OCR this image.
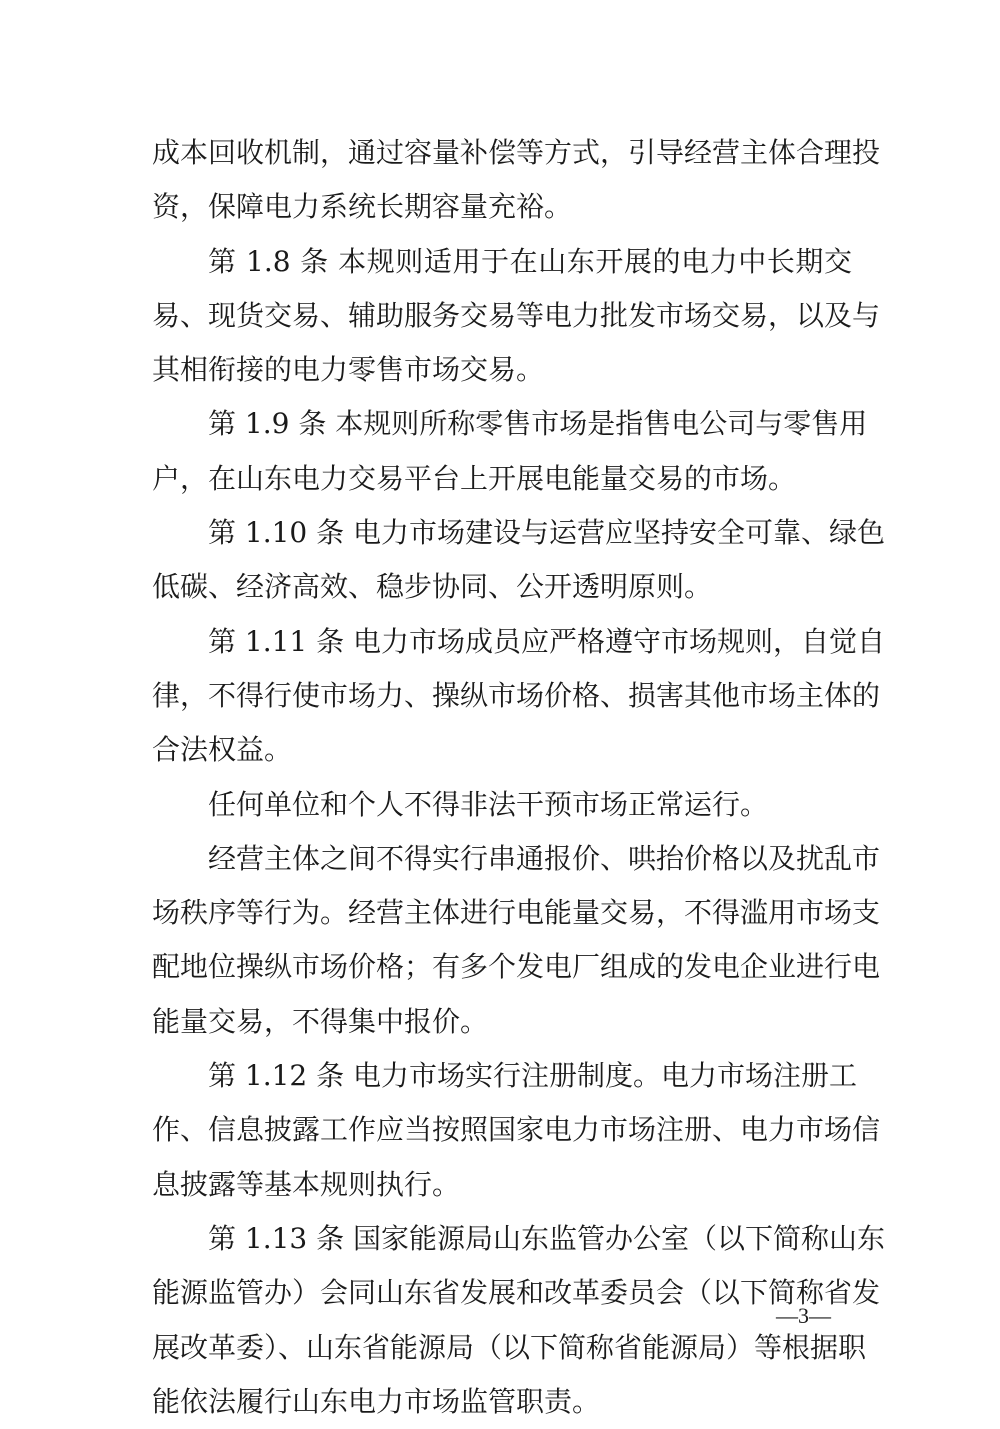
成本回收机制，通过容量补偿等方式，引导经营主体合理投
资，保障电力系统长期容量充裕。
第 1.8 条 本规则适用于在山东开展的电力中长期交
易、现货交易、辅助服务交易等电力批发市场交易，以及与
其相衔接的电力零售市场交易。
第 1.9 条 本规则所称零售市场是指售电公司与零售用
户，在山东电力交易平台上开展电能量交易的市场。
第 1.10 条 电力市场建设与运营应坚持安全可靠、绿色
低碳、经济高效、稳步协同、公开透明原则。
第 1.11 条 电力市场成员应严格遵守市场规则，自觉自
律，不得行使市场力、操纵市场价格、损害其他市场主体的
合法权益。
任何单位和个人不得非法干预市场正常运行。
经营主体之间不得实行串通报价、哄抬价格以及扰乱市
场秩序等行为。经营主体进行电能量交易，不得滥用市场支
配地位操纵市场价格；有多个发电厂组成的发电企业进行电
能量交易，不得集中报价。
第 1.12 条 电力市场实行注册制度。电力市场注册工
作、信息披露工作应当按照国家电力市场注册、电力市场信
息披露等基本规则执行。
第 1.13 条 国家能源局山东监管办公室（以下简称山东
能源监管办）会同山东省发展和改革委员会（以下简称省发
展改革委）、山东省能源局（以下简称省能源局）等根据职
能依法履行山东电力市场监管职责。
—3—
